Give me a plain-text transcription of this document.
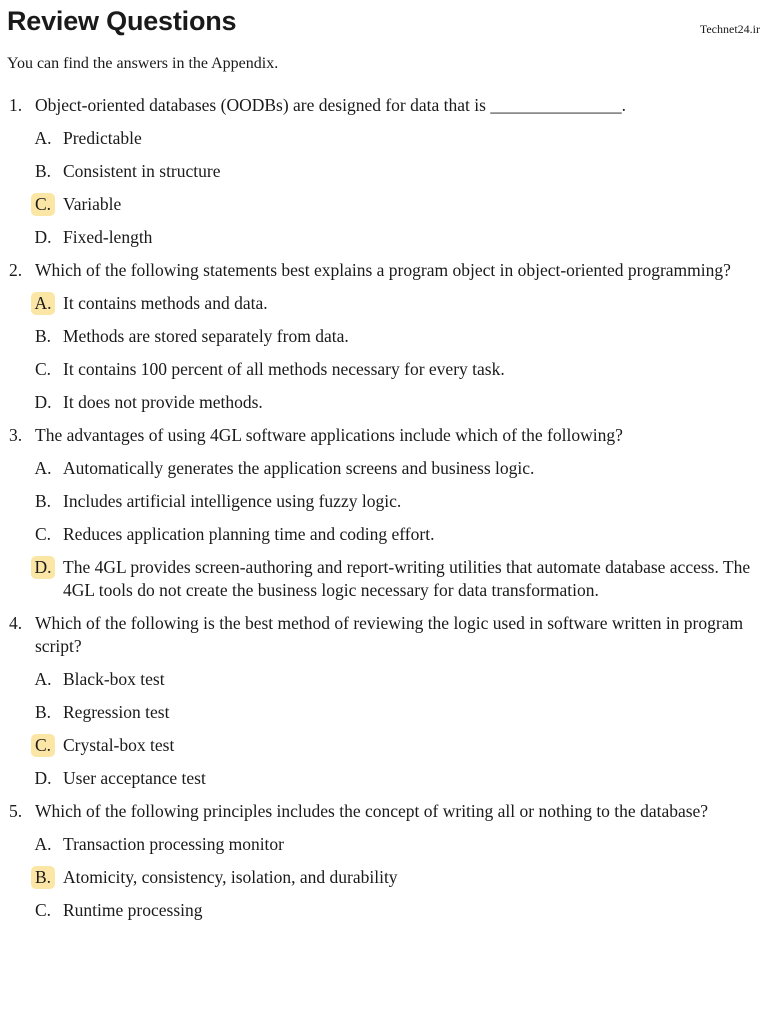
Review Questions	Technet24.ir
You can find the answers in the Appendix.
1. Object-oriented databases (OODBs) are designed for data that is _______________.
A. Predictable
B. Consistent in structure
C. Variable
D. Fixed-length
2. Which of the following statements best explains a program object in object-oriented programming?
A. It contains methods and data.
B. Methods are stored separately from data.
C. It contains 100 percent of all methods necessary for every task.
D. It does not provide methods.
3. The advantages of using 4GL software applications include which of the following?
A. Automatically generates the application screens and business logic.
B. Includes artificial intelligence using fuzzy logic.
C. Reduces application planning time and coding effort.
D. The 4GL provides screen-authoring and report-writing utilities that automate database access. The 4GL tools do not create the business logic necessary for data transformation.
4. Which of the following is the best method of reviewing the logic used in software written in program script?
A. Black-box test
B. Regression test
C. Crystal-box test
D. User acceptance test
5. Which of the following principles includes the concept of writing all or nothing to the database?
A. Transaction processing monitor
B. Atomicity, consistency, isolation, and durability
C. Runtime processing
